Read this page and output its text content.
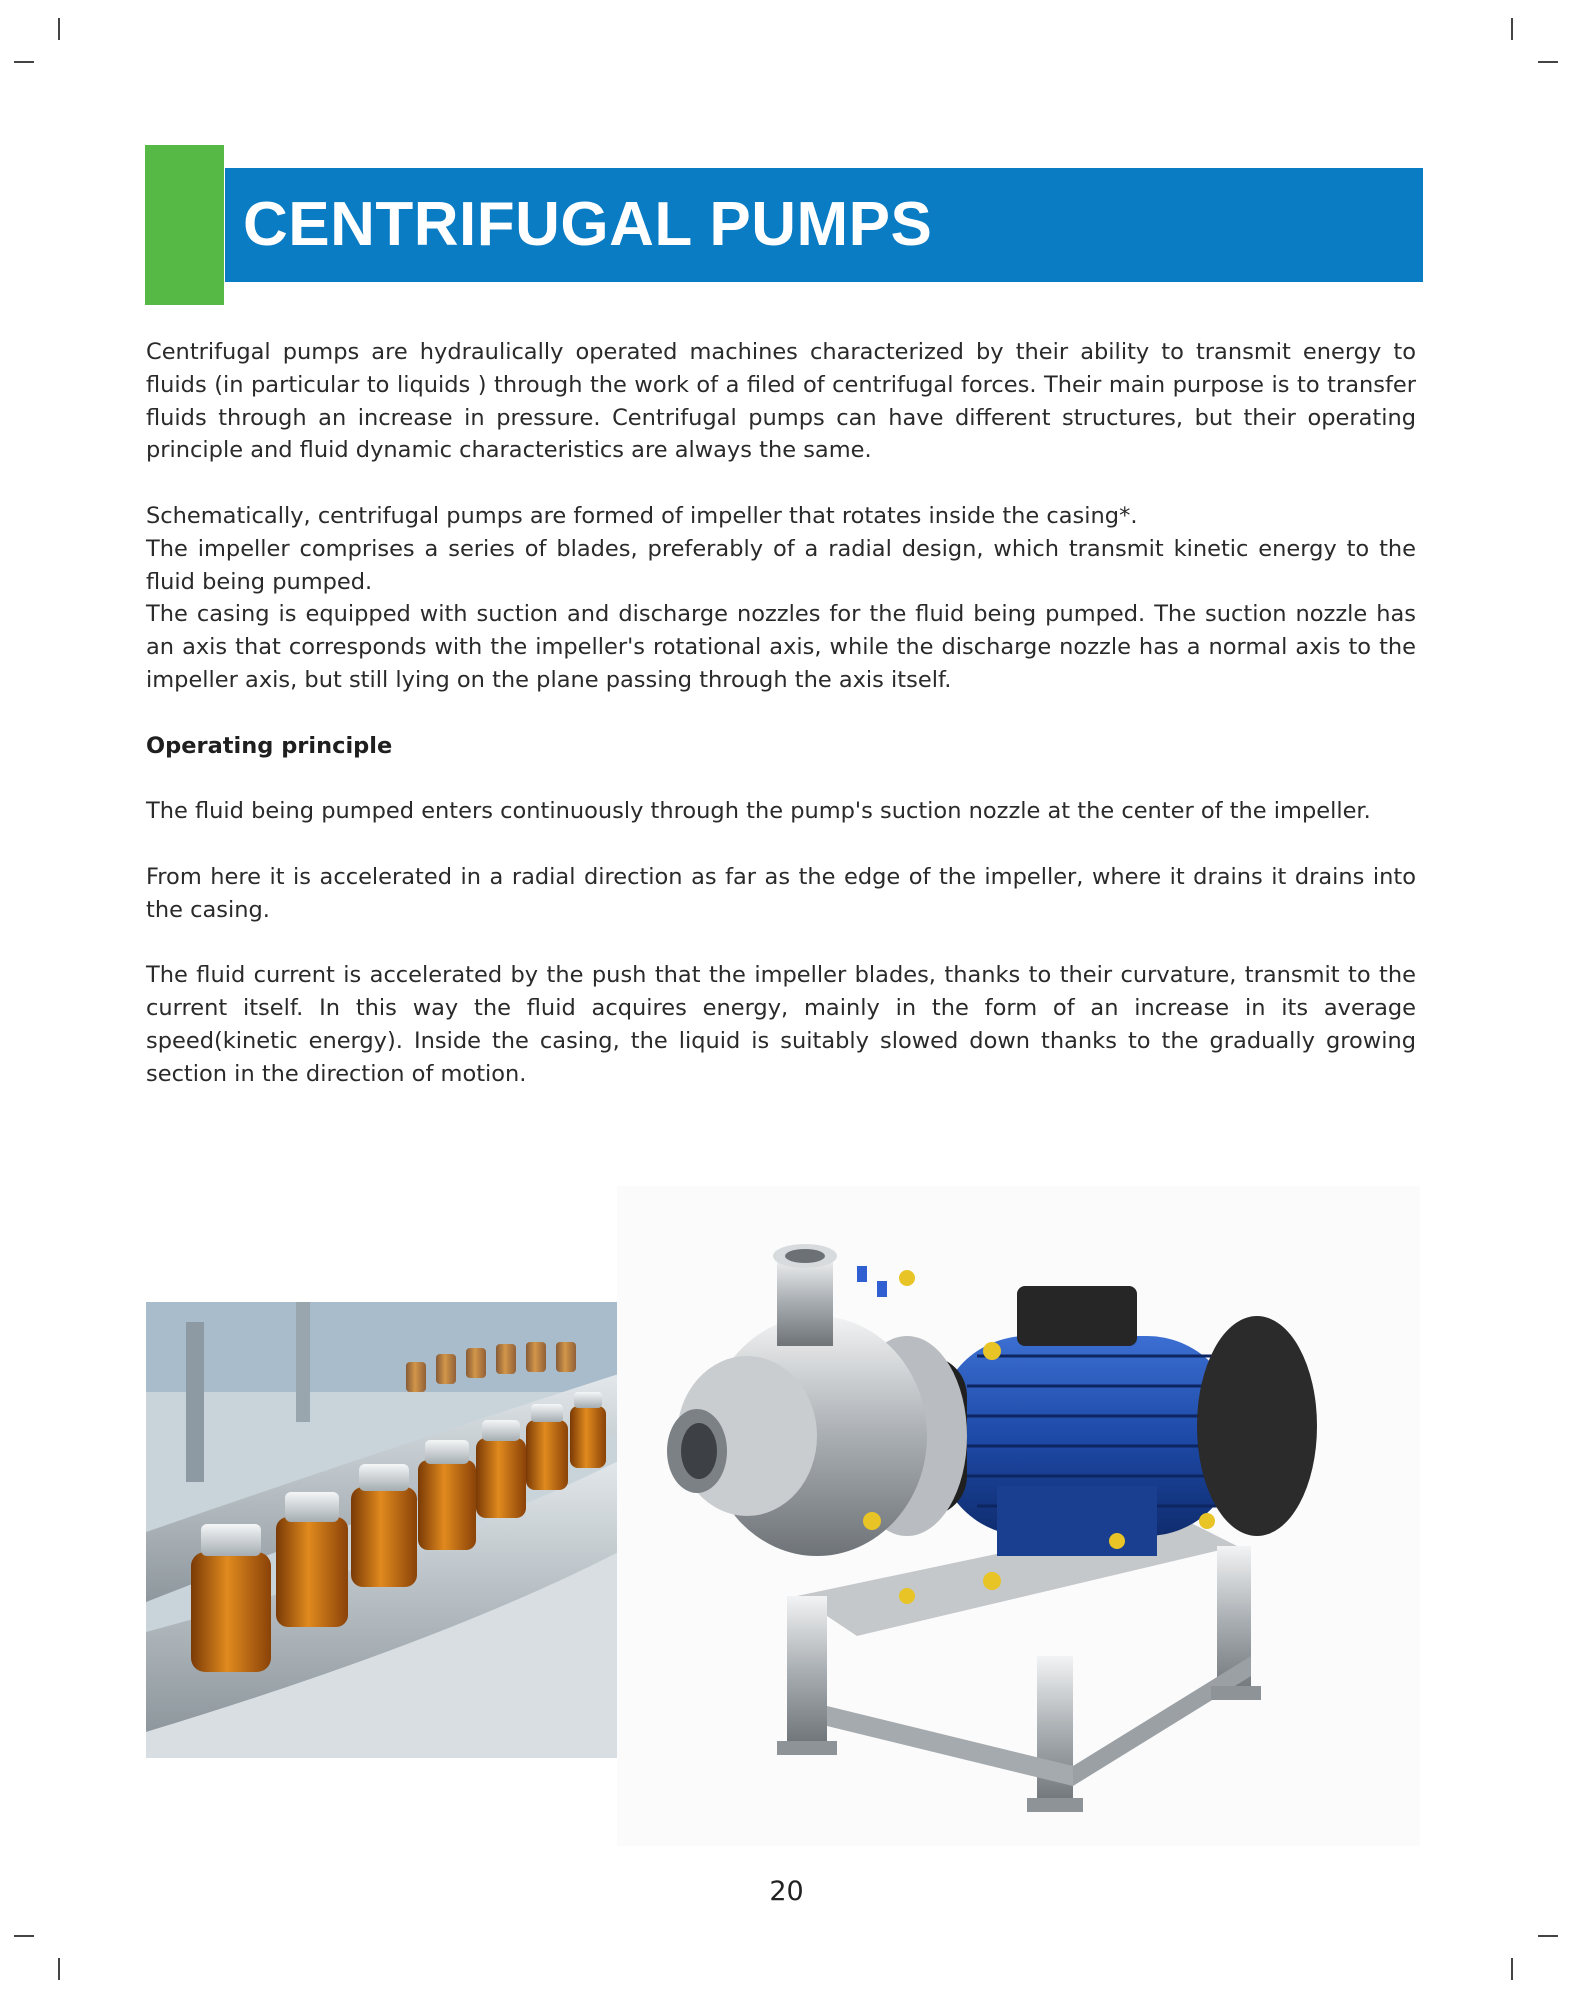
CENTRIFUGAL PUMPS

Centrifugal pumps are hydraulically operated machines characterized by their ability to transmit energy to fluids (in particular to liquids ) through the work of a filed of centrifugal forces. Their main purpose is to transfer fluids through an increase in pressure. Centrifugal pumps can have different structures, but their operating principle and fluid dynamic characteristics are always the same.

Schematically, centrifugal pumps are formed of impeller that rotates inside the casing*.

The impeller comprises a series of blades, preferably of a radial design, which transmit kinetic energy to the fluid being pumped.

The casing is equipped with suction and discharge nozzles for the fluid being pumped. The suction nozzle has an axis that corresponds with the impeller's rotational axis, while the discharge nozzle has a normal axis to the impeller axis, but still lying on the plane passing through the axis itself.

Operating principle

The fluid being pumped enters continuously through the pump's suction nozzle at the center of the impeller.

From here it is accelerated in a radial direction as far as the edge of the impeller, where it drains it drains into the casing.

The fluid current is accelerated by the push that the impeller blades, thanks to their curvature, transmit to the current itself. In this way the fluid acquires energy, mainly in the form of an increase in its average speed(kinetic energy). Inside the casing, the liquid is suitably slowed down thanks to the gradually growing section in the direction of motion.

20
